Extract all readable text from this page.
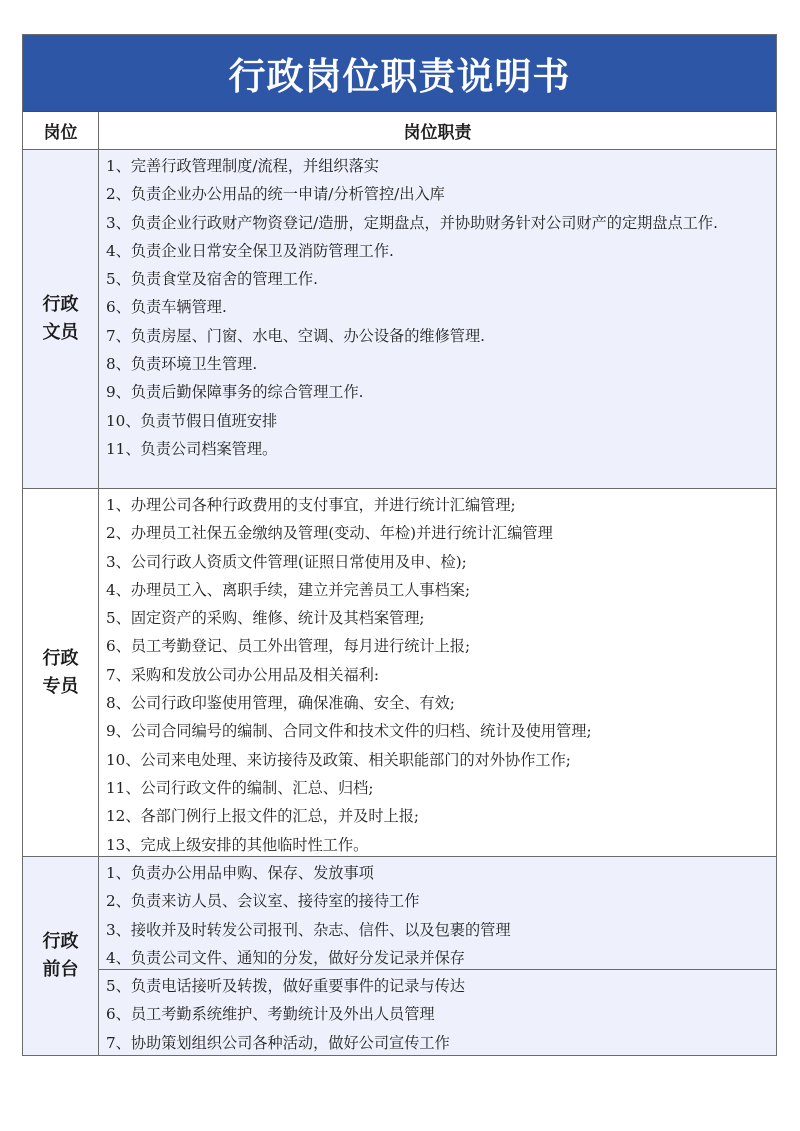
行政岗位职责说明书
岗位	岗位职责
行政
文员
1、完善行政管理制度/流程，并组织落实
2、负责企业办公用品的统一申请/分析管控/出入库
3、负责企业行政财产物资登记/造册，定期盘点，并协助财务针对公司财产的定期盘点工作.
4、负责企业日常安全保卫及消防管理工作.
5、负责食堂及宿舍的管理工作.
6、负责车辆管理.
7、负责房屋、门窗、水电、空调、办公设备的维修管理.
8、负责环境卫生管理.
9、负责后勤保障事务的综合管理工作.
10、负责节假日值班安排
11、负责公司档案管理。
行政
专员
1、办理公司各种行政费用的支付事宜，并进行统计汇编管理;
2、办理员工社保五金缴纳及管理(变动、年检)并进行统计汇编管理
3、公司行政人资质文件管理(证照日常使用及申、检);
4、办理员工入、离职手续，建立并完善员工人事档案;
5、固定资产的采购、维修、统计及其档案管理;
6、员工考勤登记、员工外出管理，每月进行统计上报;
7、采购和发放公司办公用品及相关福利:
8、公司行政印鉴使用管理，确保准确、安全、有效;
9、公司合同编号的编制、合同文件和技术文件的归档、统计及使用管理;
10、公司来电处理、来访接待及政策、相关职能部门的对外协作工作;
11、公司行政文件的编制、汇总、归档;
12、各部门例行上报文件的汇总，并及时上报;
13、完成上级安排的其他临时性工作。
行政
前台
1、负责办公用品申购、保存、发放事项
2、负责来访人员、会议室、接待室的接待工作
3、接收并及时转发公司报刊、杂志、信件、以及包裹的管理
4、负责公司文件、通知的分发，做好分发记录并保存
5、负责电话接听及转拨，做好重要事件的记录与传达
6、员工考勤系统维护、考勤统计及外出人员管理
7、协助策划组织公司各种活动，做好公司宣传工作
